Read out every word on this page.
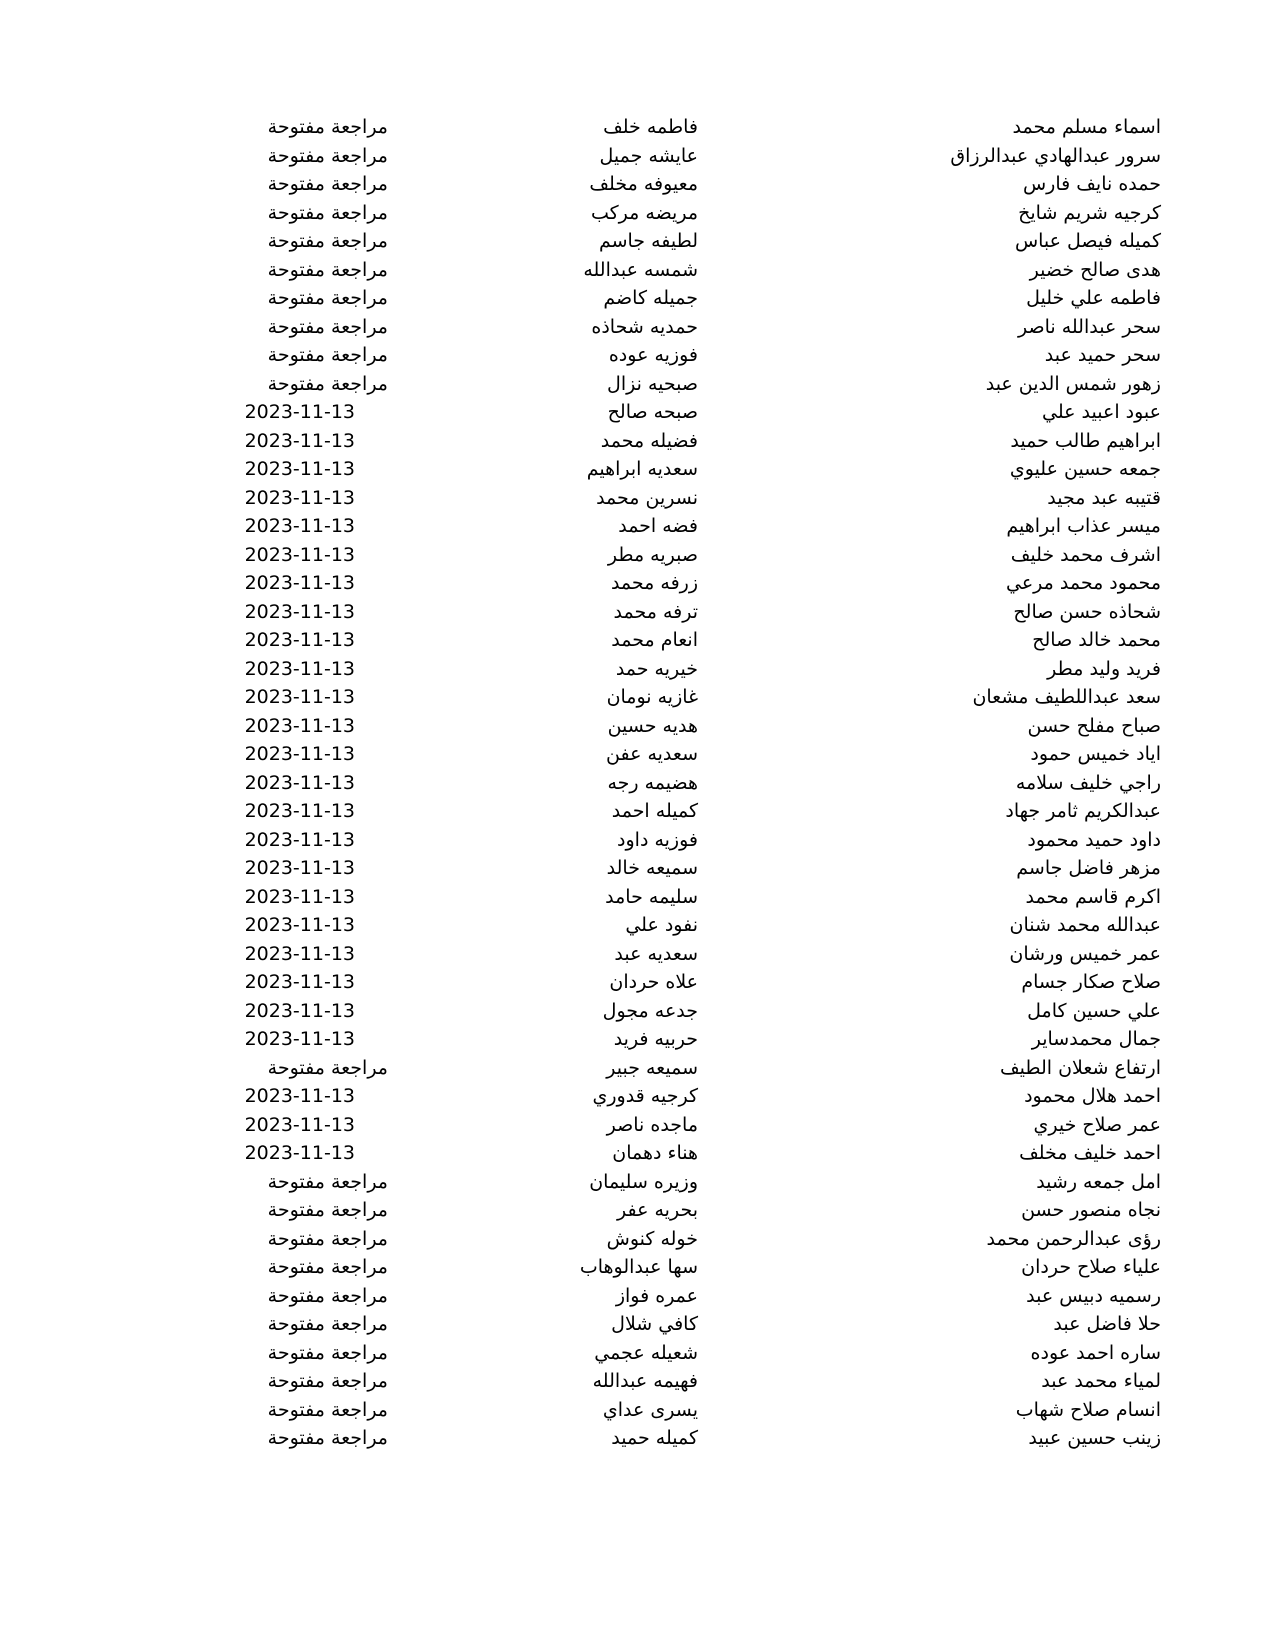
اسماء مسلم محمد
فاطمه خلف
مراجعة مفتوحة
سرور عبدالهادي عبدالرزاق
عايشه جميل
مراجعة مفتوحة
حمده نايف فارس
معيوفه مخلف
مراجعة مفتوحة
كرجيه شريم شايخ
مريضه مركب
مراجعة مفتوحة
كميله فيصل عباس
لطيفه جاسم
مراجعة مفتوحة
هدى صالح خضير
شمسه عبدالله
مراجعة مفتوحة
فاطمه علي خليل
جميله كاضم
مراجعة مفتوحة
سحر عبدالله ناصر
حمديه شحاذه
مراجعة مفتوحة
سحر حميد عبد
فوزيه عوده
مراجعة مفتوحة
زهور شمس الدين عبد
صبحيه نزال
مراجعة مفتوحة
عبود اعبيد علي
صبحه صالح
2023-11-13
ابراهيم طالب حميد
فضيله محمد
2023-11-13
جمعه حسين عليوي
سعديه ابراهيم
2023-11-13
قتيبه عبد مجيد
نسرين محمد
2023-11-13
ميسر عذاب ابراهيم
فضه احمد
2023-11-13
اشرف محمد خليف
صبريه مطر
2023-11-13
محمود محمد مرعي
زرفه محمد
2023-11-13
شحاذه حسن صالح
ترفه محمد
2023-11-13
محمد خالد صالح
انعام محمد
2023-11-13
فريد وليد مطر
خيريه حمد
2023-11-13
سعد عبداللطيف مشعان
غازيه نومان
2023-11-13
صباح مفلح حسن
هديه حسين
2023-11-13
اياد خميس حمود
سعديه عفن
2023-11-13
راجي خليف سلامه
هضيمه رجه
2023-11-13
عبدالكريم ثامر جهاد
كميله احمد
2023-11-13
داود حميد محمود
فوزيه داود
2023-11-13
مزهر فاضل جاسم
سميعه خالد
2023-11-13
اكرم قاسم محمد
سليمه حامد
2023-11-13
عبدالله محمد شنان
نفود علي
2023-11-13
عمر خميس ورشان
سعديه عبد
2023-11-13
صلاح صكار جسام
علاه حردان
2023-11-13
علي حسين كامل
جدعه مجول
2023-11-13
جمال محمدساير
حربيه فريد
2023-11-13
ارتفاع شعلان الطيف
سميعه جبير
مراجعة مفتوحة
احمد هلال محمود
كرجيه قدوري
2023-11-13
عمر صلاح خيري
ماجده ناصر
2023-11-13
احمد خليف مخلف
هناء دهمان
2023-11-13
امل جمعه رشيد
وزيره سليمان
مراجعة مفتوحة
نجاه منصور حسن
بحريه عفر
مراجعة مفتوحة
رؤى عبدالرحمن محمد
خوله كنوش
مراجعة مفتوحة
علياء صلاح حردان
سها عبدالوهاب
مراجعة مفتوحة
رسميه دبيس عبد
عمره فواز
مراجعة مفتوحة
حلا فاضل عبد
كافي شلال
مراجعة مفتوحة
ساره احمد عوده
شعيله عجمي
مراجعة مفتوحة
لمياء محمد عبد
فهيمه عبدالله
مراجعة مفتوحة
انسام صلاح شهاب
يسرى عداي
مراجعة مفتوحة
زينب حسين عبيد
كميله حميد
مراجعة مفتوحة
